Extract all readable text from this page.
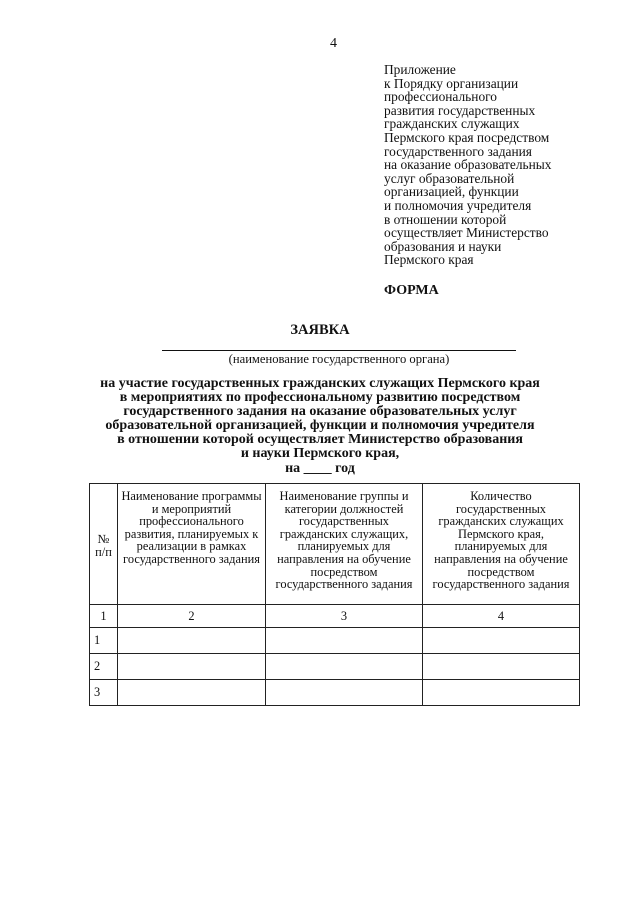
4
Приложение
к Порядку организации
профессионального
развития государственных
гражданских служащих
Пермского края посредством
государственного задания
на оказание образовательных
услуг образовательной
организацией, функции
и полномочия учредителя
в отношении которой
осуществляет Министерство
образования и науки
Пермского края
ФОРМА
ЗАЯВКА
(наименование государственного органа)
на участие государственных гражданских служащих Пермского края
в мероприятиях по профессиональному развитию посредством
государственного задания на оказание образовательных услуг
образовательной организацией, функции и полномочия учредителя
в отношении которой осуществляет Министерство образования
и науки Пермского края,
на ____ год
№ п/п	Наименование программы и мероприятий профессионального развития, планируемых к реализации в рамках государственного задания	Наименование группы и категории должностей государственных гражданских служащих, планируемых для направления на обучение посредством государственного задания	Количество государственных гражданских служащих Пермского края, планируемых для направления на обучение посредством государственного задания
1	2	3	4
1			
2			
3			
